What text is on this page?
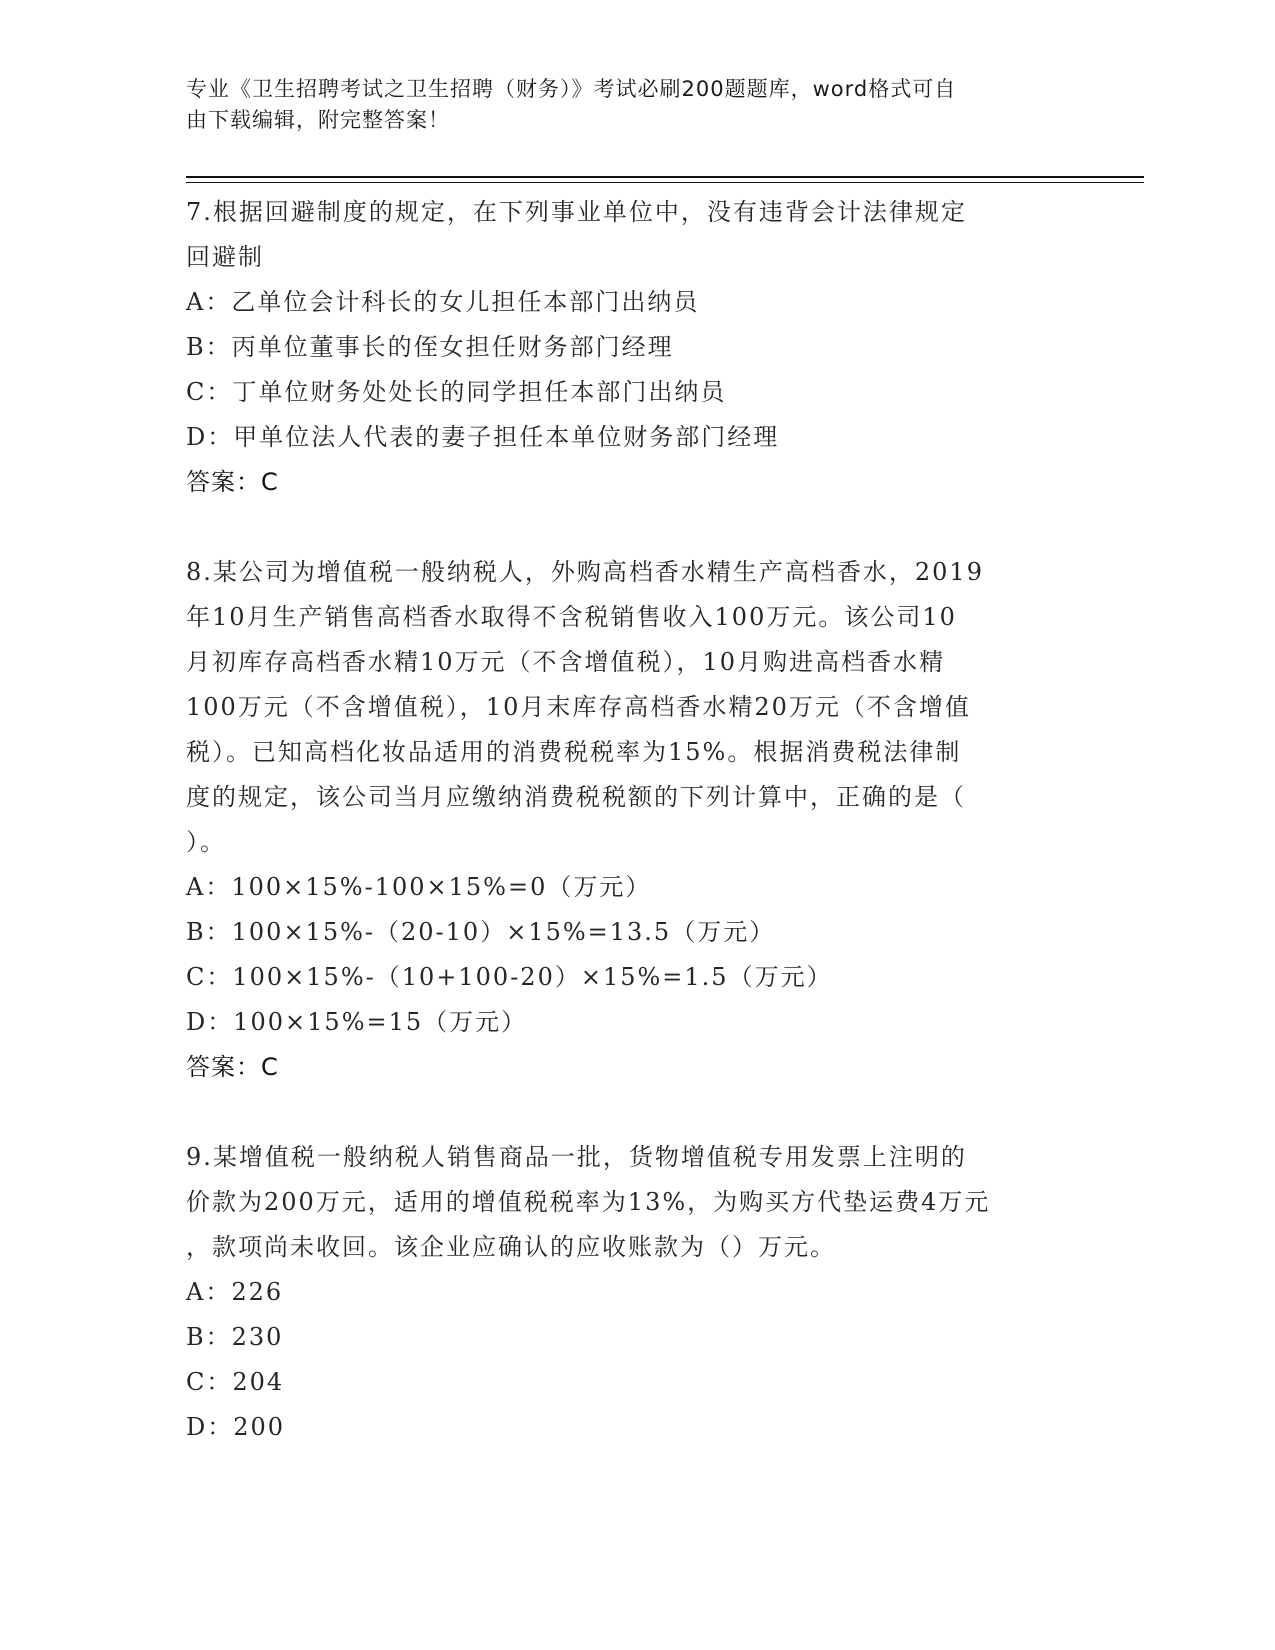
专业《卫生招聘考试之卫生招聘（财务）》考试必刷200题题库，word格式可自
由下载编辑，附完整答案！

7.根据回避制度的规定，在下列事业单位中，没有违背会计法律规定

回避制

A：乙单位会计科长的女儿担任本部门出纳员

B：丙单位董事长的侄女担任财务部门经理

C：丁单位财务处处长的同学担任本部门出纳员

D：甲单位法人代表的妻子担任本单位财务部门经理

答案：C

8.某公司为增值税一般纳税人，外购高档香水精生产高档香水，2019

年10月生产销售高档香水取得不含税销售收入100万元。该公司10

月初库存高档香水精10万元（不含增值税），10月购进高档香水精

100万元（不含增值税），10月末库存高档香水精20万元（不含增值

税）。已知高档化妆品适用的消费税税率为15%。根据消费税法律制

度的规定，该公司当月应缴纳消费税税额的下列计算中，正确的是（

）。

A：100×15%-100×15%=0（万元）

B：100×15%-（20-10）×15%=13.5（万元）

C：100×15%-（10+100-20）×15%=1.5（万元）

D：100×15%=15（万元）

答案：C

9.某增值税一般纳税人销售商品一批，货物增值税专用发票上注明的

价款为200万元，适用的增值税税率为13%，为购买方代垫运费4万元

，款项尚未收回。该企业应确认的应收账款为（）万元。

A：226

B：230

C：204

D：200
